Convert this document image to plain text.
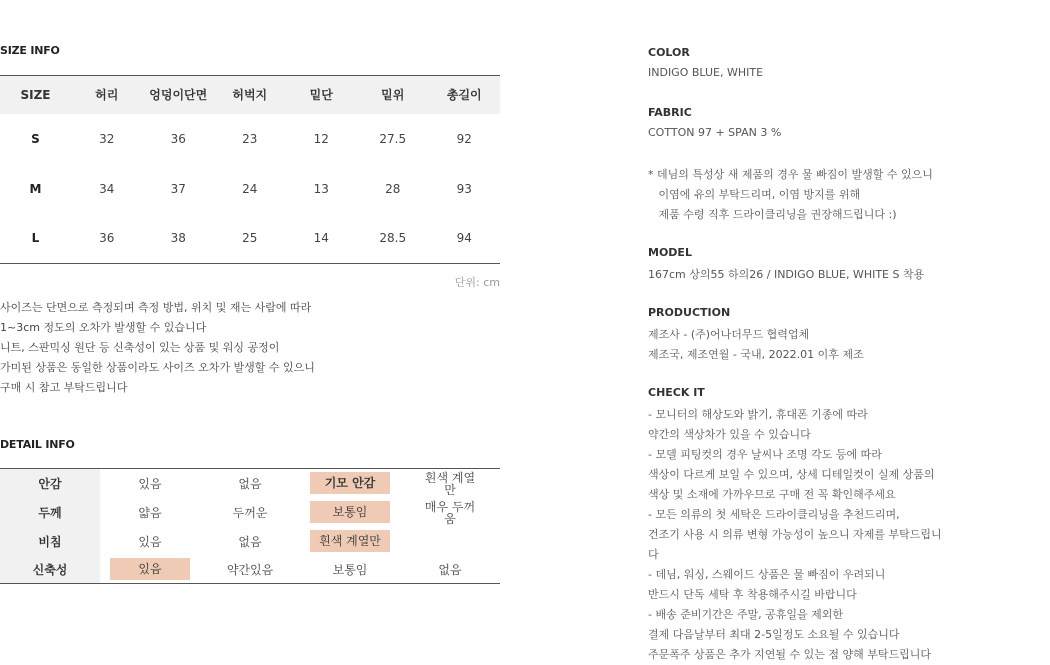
SIZE INFO
SIZE	허리	엉덩이단면	허벅지	밑단	밑위	총길이
S	32	36	23	12	27.5	92
M	34	37	24	13	28	93
L	36	38	25	14	28.5	94
단위: cm
사이즈는 단면으로 측정되며 측정 방법, 위치 및 재는 사람에 따라
1~3cm 정도의 오차가 발생할 수 있습니다
니트, 스판믹싱 원단 등 신축성이 있는 상품 및 워싱 공정이
가미된 상품은 동일한 상품이라도 사이즈 오차가 발생할 수 있으니
구매 시 참고 부탁드립니다
DETAIL INFO
안감	있음	없음	기모 안감	흰색 계열만
두께	얇음	두꺼운	보통임	매우 두꺼움
비침	있음	없음	흰색 계열만	
신축성	있음	약간있음	보통임	없음
COLOR
INDIGO BLUE, WHITE
FABRIC
COTTON 97 + SPAN 3 %
* 데님의 특성상 새 제품의 경우 물 빠짐이 발생할 수 있으니
이염에 유의 부탁드리며, 이염 방지를 위해
제품 수령 직후 드라이클리닝을 권장해드립니다 :)
MODEL
167cm 상의55 하의26 / INDIGO BLUE, WHITE S 착용
PRODUCTION
제조사 - (주)어나더무드 협력업체
제조국, 제조연월 - 국내, 2022.01 이후 제조
CHECK IT
- 모니터의 해상도와 밝기, 휴대폰 기종에 따라
약간의 색상차가 있을 수 있습니다
- 모델 피팅컷의 경우 날씨나 조명 각도 등에 따라
색상이 다르게 보일 수 있으며, 상세 디테일컷이 실제 상품의
색상 및 소재에 가까우므로 구매 전 꼭 확인해주세요
- 모든 의류의 첫 세탁은 드라이클리닝을 추천드리며,
건조기 사용 시 의류 변형 가능성이 높으니 자제를 부탁드립니
다
- 데님, 워싱, 스웨이드 상품은 물 빠짐이 우려되니
반드시 단독 세탁 후 착용해주시길 바랍니다
- 배송 준비기간은 주말, 공휴일을 제외한
결제 다음날부터 최대 2-5일정도 소요될 수 있습니다
주문폭주 상품은 추가 지연될 수 있는 점 양해 부탁드립니다
